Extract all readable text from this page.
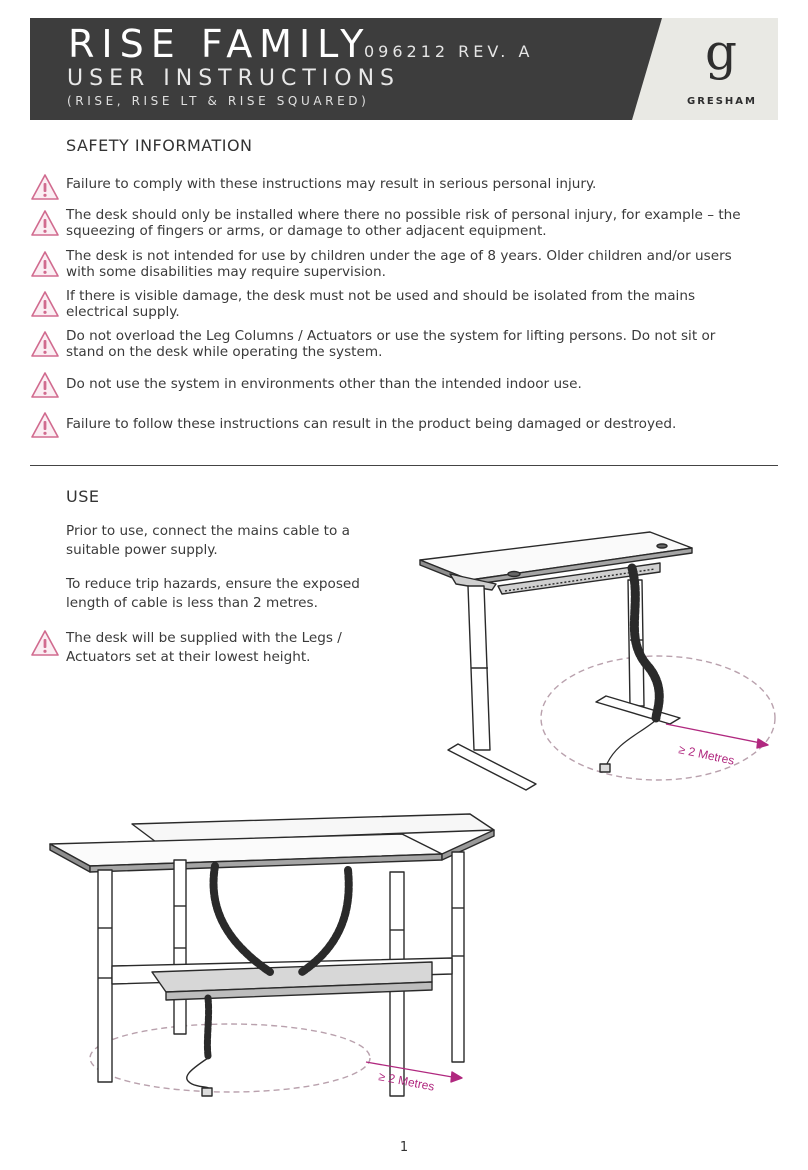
RISE FAMILY
096212 REV. A
USER INSTRUCTIONS
(RISE, RISE LT & RISE SQUARED)
g
GRESHAM
SAFETY INFORMATION
Failure to comply with these instructions may result in serious personal injury.
The desk should only be installed where there no possible risk of personal injury, for example – the squeezing of fingers or arms, or damage to other adjacent equipment.
The desk is not intended for use by children under the age of 8 years. Older children and/or users with some disabilities may require supervision.
If there is visible damage, the desk must not be used and should be isolated from the mains electrical supply.
Do not overload the Leg Columns / Actuators or use the system for lifting persons. Do not sit or stand on the desk while operating the system.
Do not use the system in environments other than the intended indoor use.
Failure to follow these instructions can result in the product being damaged or destroyed.
USE
Prior to use, connect the mains cable to a suitable power supply.
To reduce trip hazards, ensure the exposed length of cable is less than 2 metres.
The desk will be supplied with the Legs / Actuators set at their lowest height.
≥ 2 Metres
≥ 2 Metres
1
